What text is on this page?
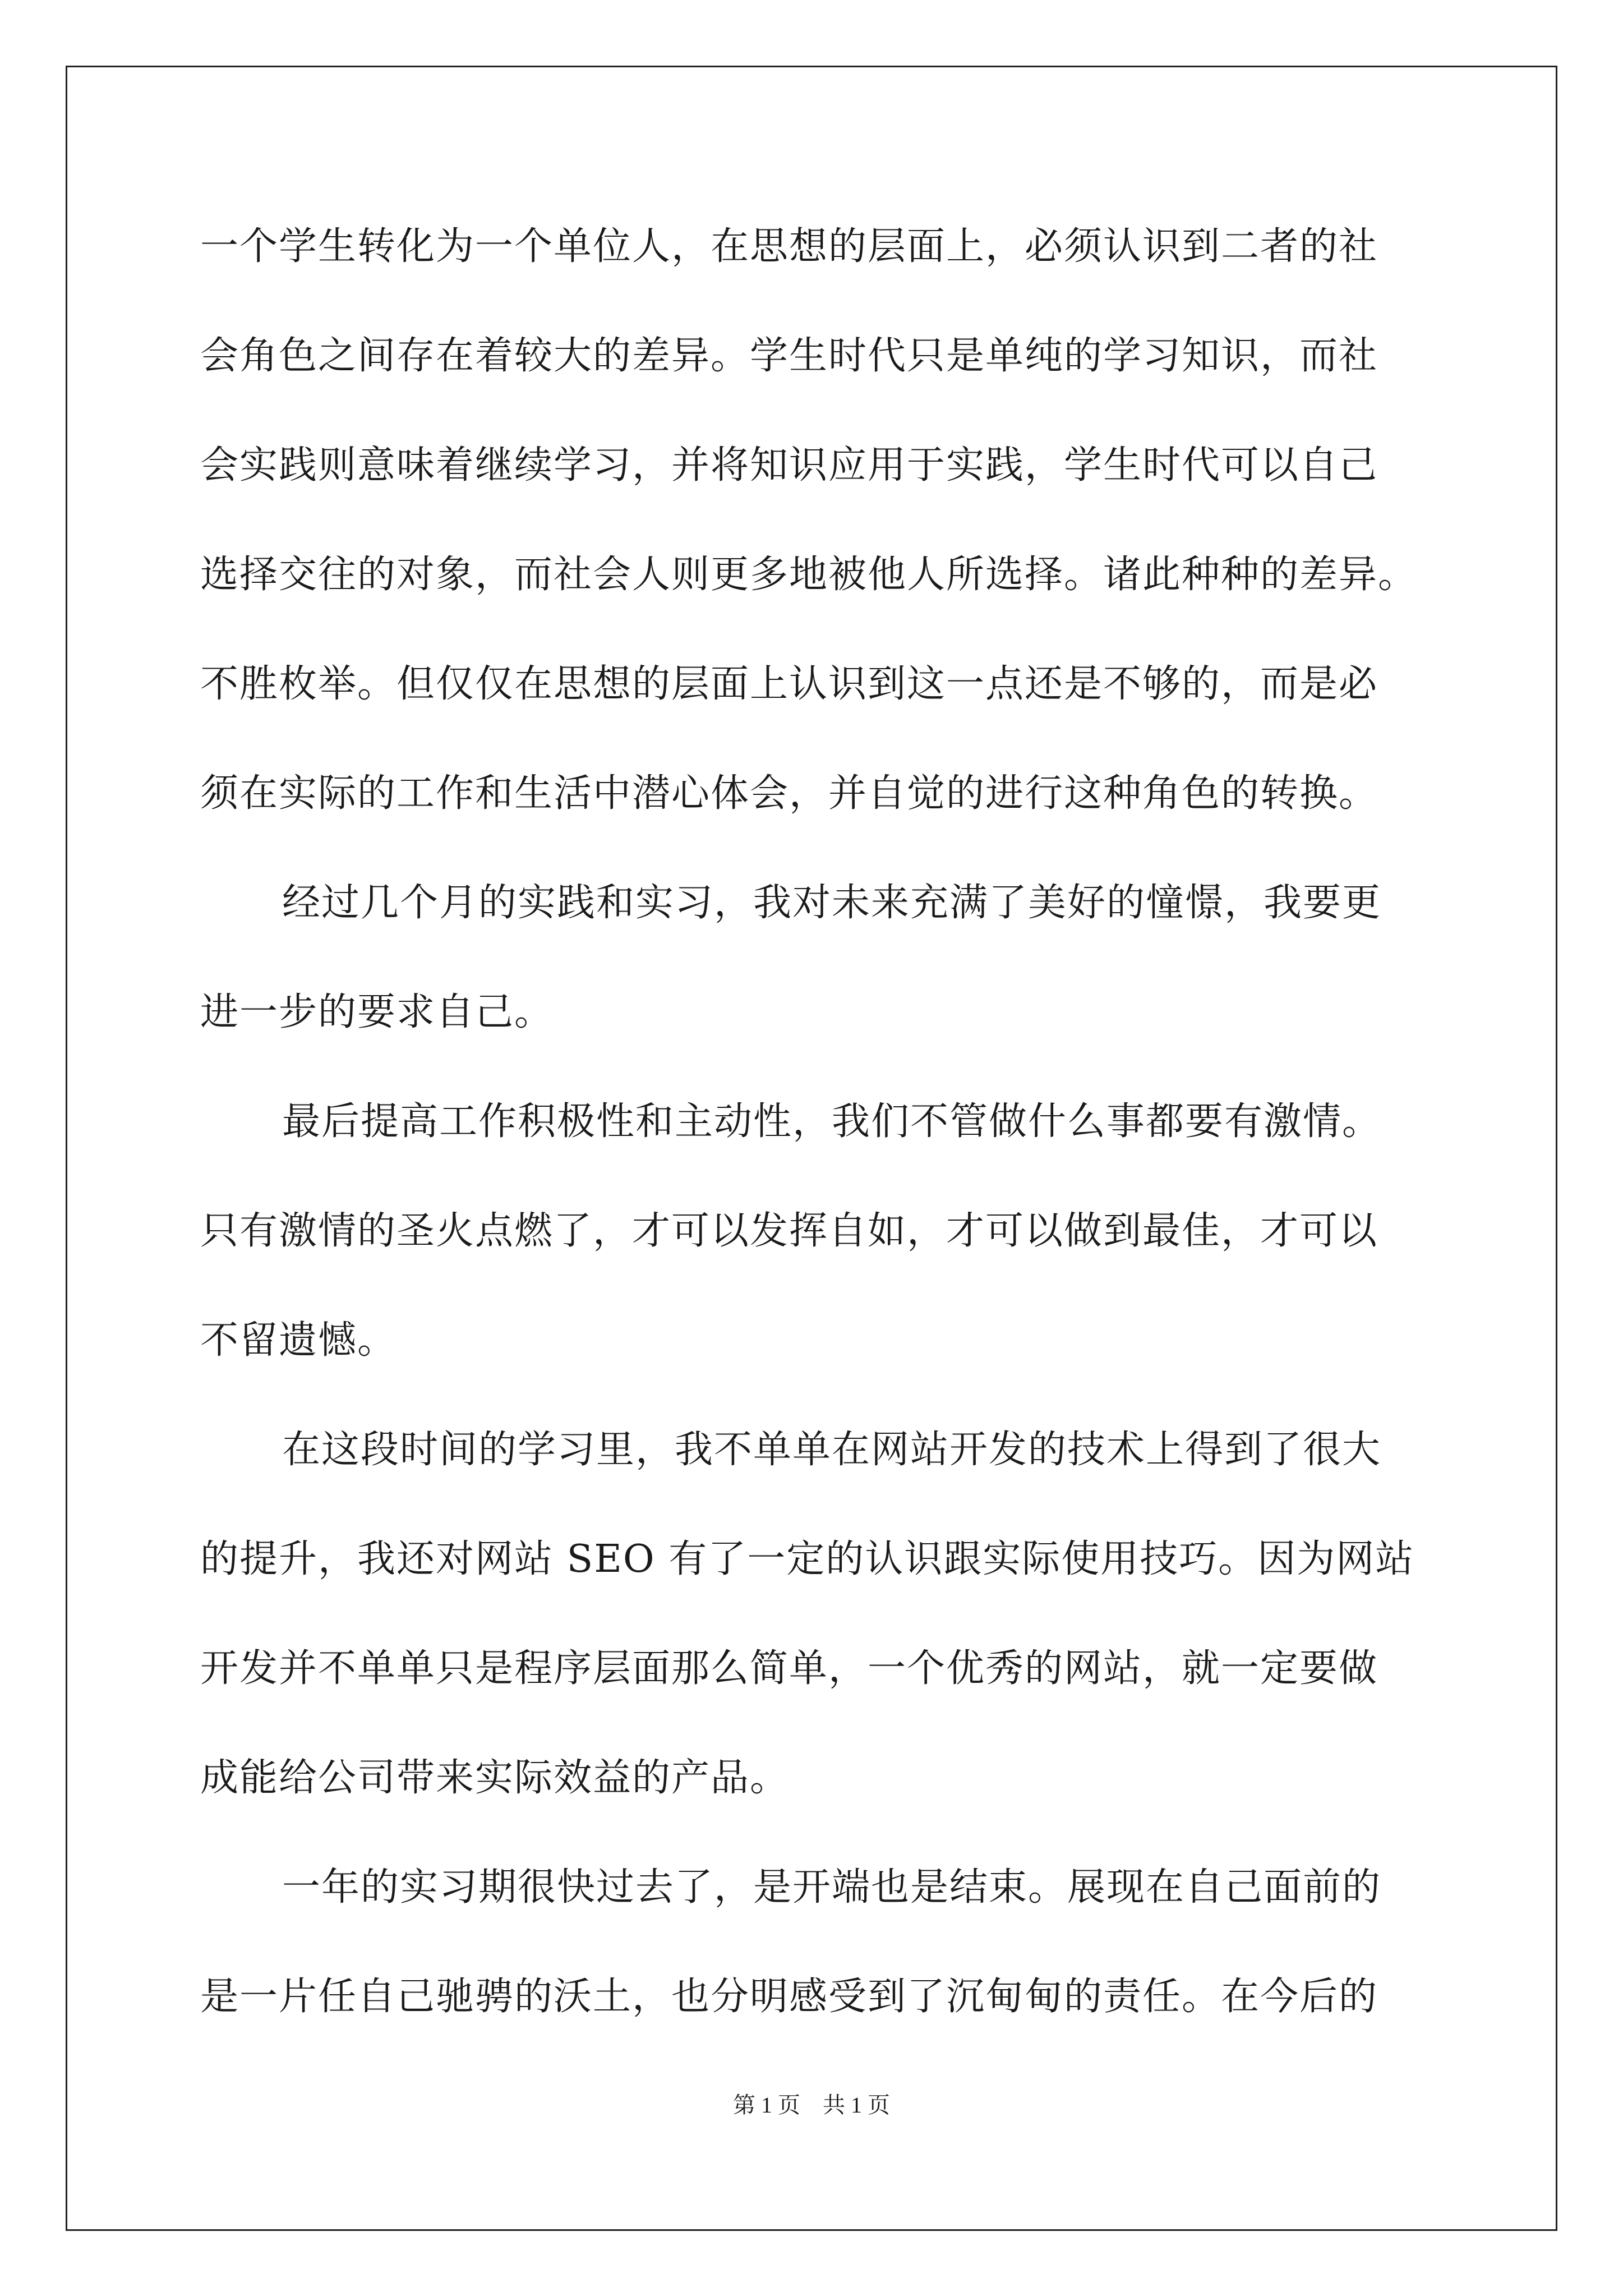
一个学生转化为一个单位人，在思想的层面上，必须认识到二者的社
会角色之间存在着较大的差异。学生时代只是单纯的学习知识，而社
会实践则意味着继续学习，并将知识应用于实践，学生时代可以自己
选择交往的对象，而社会人则更多地被他人所选择。诸此种种的差异。
不胜枚举。但仅仅在思想的层面上认识到这一点还是不够的，而是必
须在实际的工作和生活中潜心体会，并自觉的进行这种角色的转换。
经过几个月的实践和实习，我对未来充满了美好的憧憬，我要更
进一步的要求自己。
最后提高工作积极性和主动性，我们不管做什么事都要有激情。
只有激情的圣火点燃了，才可以发挥自如，才可以做到最佳，才可以
不留遗憾。
在这段时间的学习里，我不单单在网站开发的技术上得到了很大
的提升，我还对网站 SEO 有了一定的认识跟实际使用技巧。因为网站
开发并不单单只是程序层面那么简单，一个优秀的网站，就一定要做
成能给公司带来实际效益的产品。
一年的实习期很快过去了，是开端也是结束。展现在自己面前的
是一片任自己驰骋的沃土，也分明感受到了沉甸甸的责任。在今后的
第 1 页 共 1 页
